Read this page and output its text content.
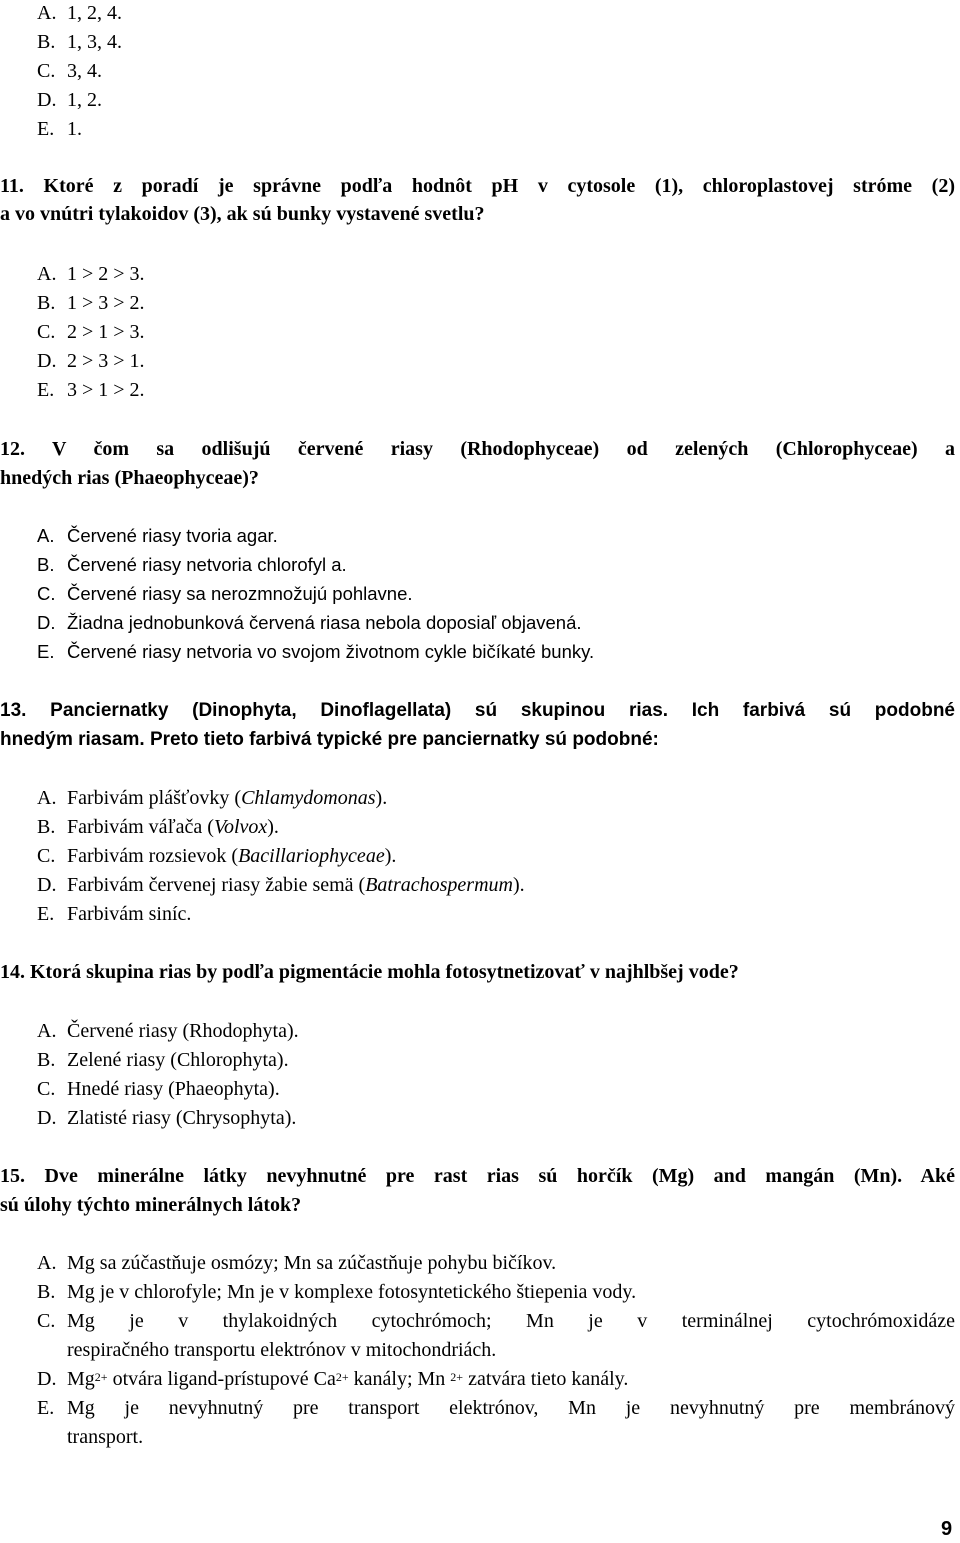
A. 1, 2, 4.
B. 1, 3, 4.
C. 3, 4.
D. 1, 2.
E. 1.
11. Ktoré z poradí je správne podľa hodnôt pH v cytosole (1), chloroplastovej stróme (2)
a vo vnútri tylakoidov (3), ak sú bunky vystavené svetlu?
A. 1 > 2 > 3.
B. 1 > 3 > 2.
C. 2 > 1 > 3.
D. 2 > 3 > 1.
E. 3 > 1 > 2.
12. V čom sa odlišujú červené riasy (Rhodophyceae) od zelených (Chlorophyceae) a
hnedých rias (Phaeophyceae)?
A. Červené riasy tvoria agar.
B. Červené riasy netvoria chlorofyl a.
C. Červené riasy sa nerozmnožujú pohlavne.
D. Žiadna jednobunková červená riasa nebola doposiaľ objavená.
E. Červené riasy netvoria vo svojom životnom cykle bičíkaté bunky.
13. Panciernatky (Dinophyta, Dinoflagellata) sú skupinou rias. Ich farbivá sú podobné
hnedým riasam. Preto tieto farbivá typické pre panciernatky sú podobné:
A. Farbivám plášťovky (Chlamydomonas).
B. Farbivám váľača (Volvox).
C. Farbivám rozsievok (Bacillariophyceae).
D. Farbivám červenej riasy žabie semä (Batrachospermum).
E. Farbivám siníc.
14. Ktorá skupina rias by podľa pigmentácie mohla fotosytnetizovať v najhlbšej vode?
A. Červené riasy (Rhodophyta).
B. Zelené riasy (Chlorophyta).
C. Hnedé riasy (Phaeophyta).
D. Zlatisté riasy (Chrysophyta).
15. Dve minerálne látky nevyhnutné pre rast rias sú horčík (Mg) and mangán (Mn). Aké
sú úlohy týchto minerálnych látok?
A. Mg sa zúčastňuje osmózy; Mn sa zúčastňuje pohybu bičíkov.
B. Mg je v chlorofyle; Mn je v komplexe fotosyntetického štiepenia vody.
C. Mg je v thylakoidných cytochrómoch; Mn je v terminálnej cytochrómoxidáze
respiračného transportu elektrónov v mitochondriách.
D. $Mg^{2+}$ otvára ligand-prístupové $Ca^{2+}$ kanály; Mn $^{2+}$ zatvára tieto kanály.
E. Mg je nevyhnutný pre transport elektrónov, Mn je nevyhnutný pre membránový
transport.
9
